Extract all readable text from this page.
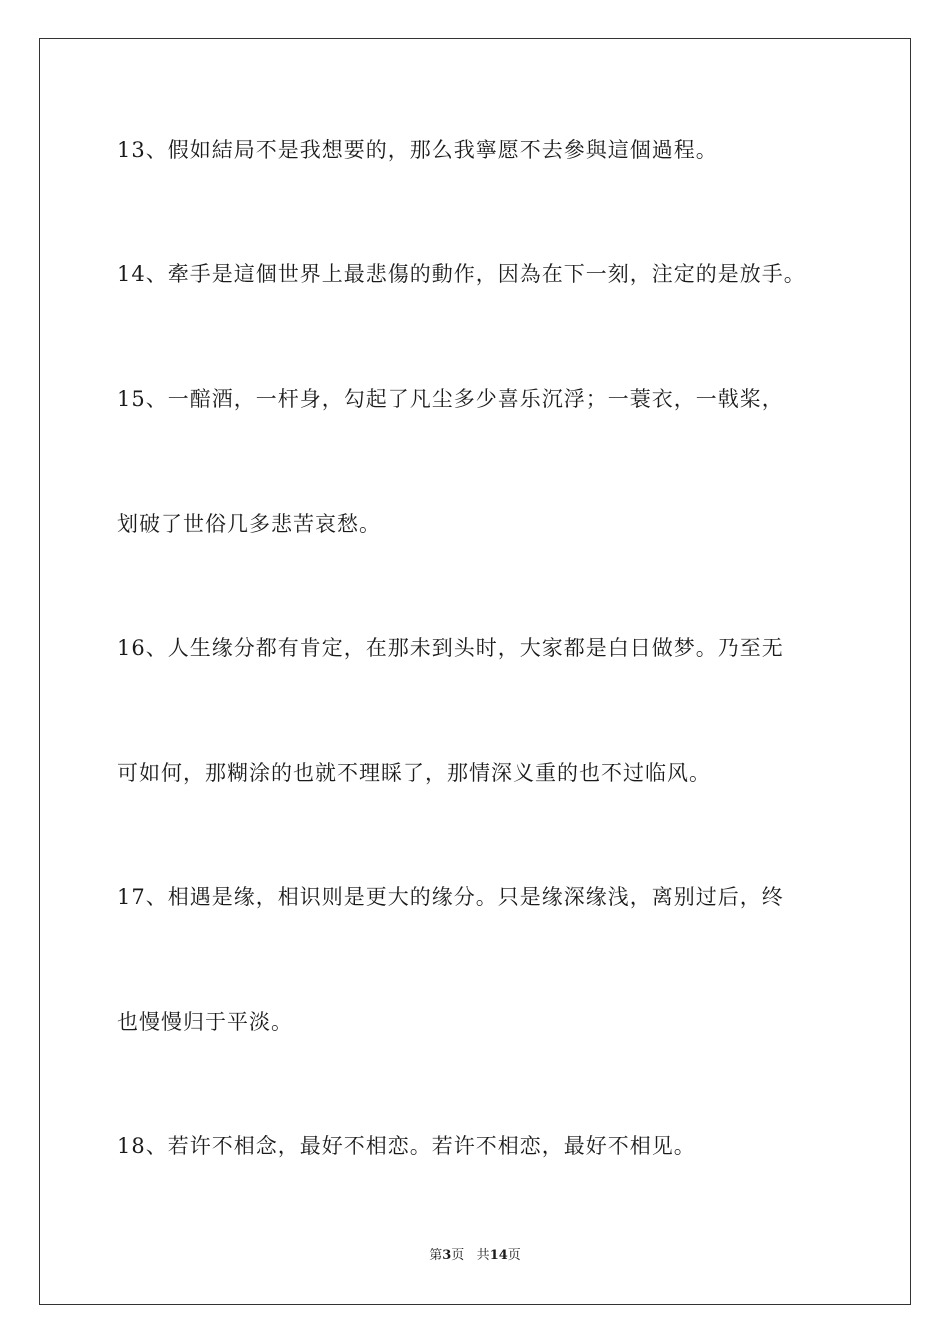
13、假如結局不是我想要的，那么我寧愿不去參與這個過程。
14、牽手是這個世界上最悲傷的動作，因為在下一刻，注定的是放手。
15、一醅酒，一杆身，勾起了凡尘多少喜乐沉浮；一蓑衣，一戟桨，
划破了世俗几多悲苦哀愁。
16、人生缘分都有肯定，在那未到头时，大家都是白日做梦。乃至无
可如何，那糊涂的也就不理睬了，那情深义重的也不过临风。
17、相遇是缘，相识则是更大的缘分。只是缘深缘浅，离别过后，终
也慢慢归于平淡。
18、若许不相念，最好不相恋。若许不相恋，最好不相见。
第3页 共14页
